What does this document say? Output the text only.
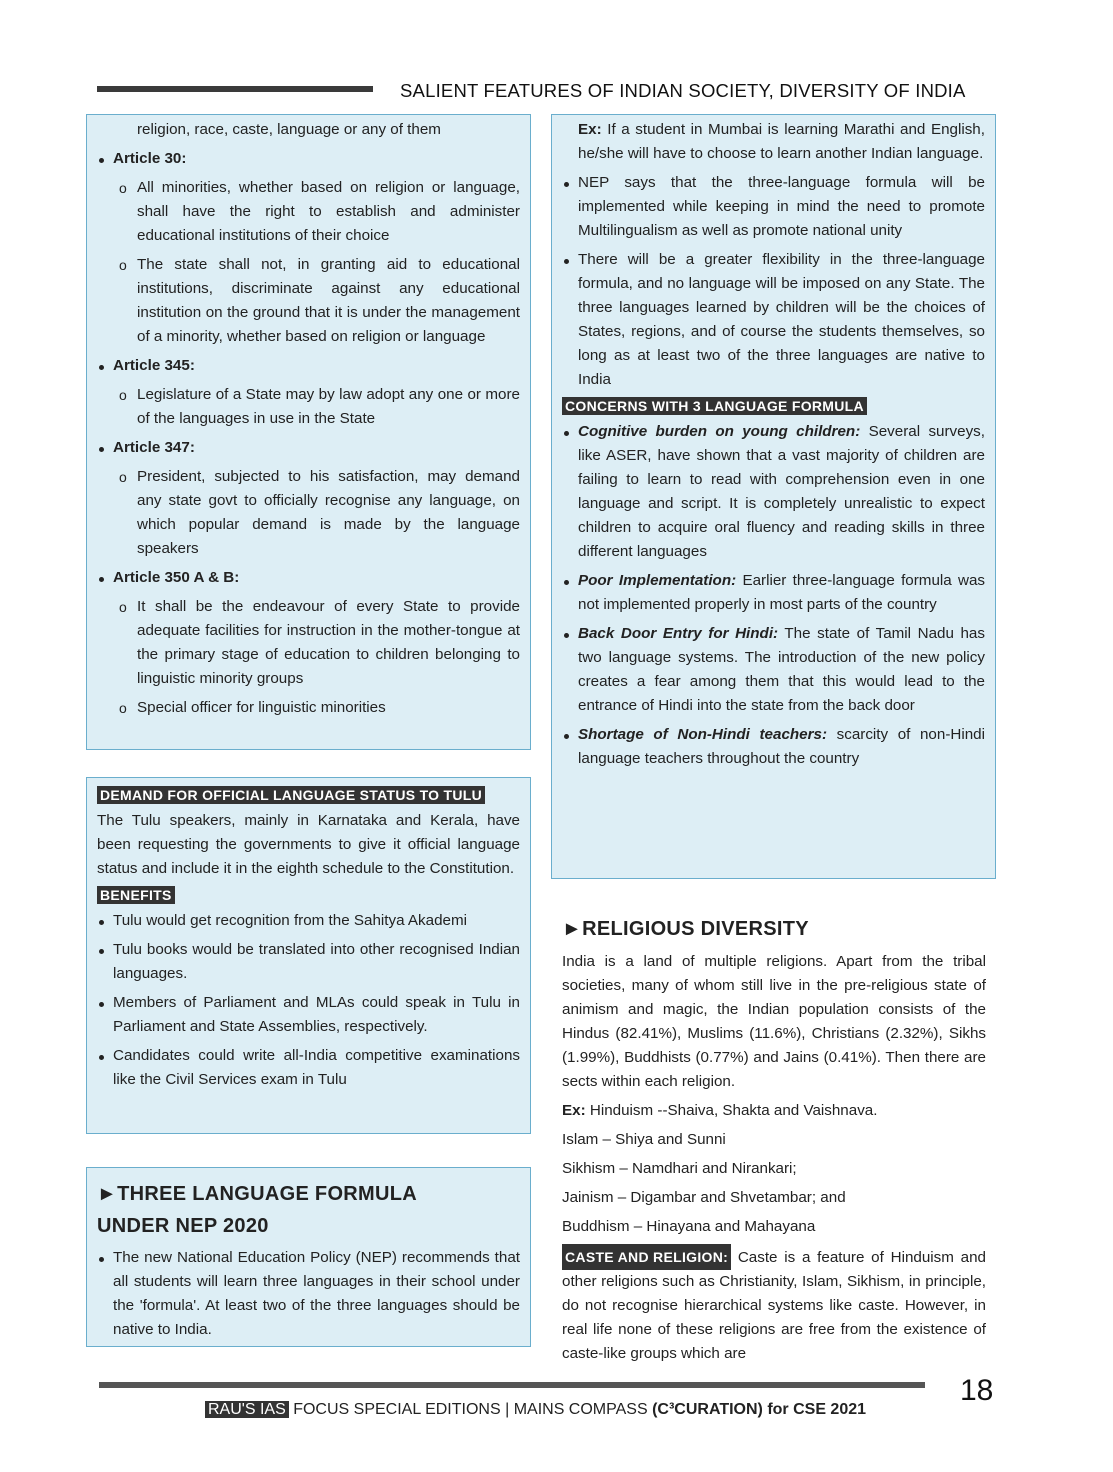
SALIENT FEATURES OF INDIAN SOCIETY, DIVERSITY OF INDIA
religion, race, caste, language or any of them
Article 30:
o All minorities, whether based on religion or language, shall have the right to establish and administer educational institutions of their choice
o The state shall not, in granting aid to educational institutions, discriminate against any educational institution on the ground that it is under the management of a minority, whether based on religion or language
Article 345:
o Legislature of a State may by law adopt any one or more of the languages in use in the State
Article 347:
o President, subjected to his satisfaction, may demand any state govt to officially recognise any language, on which popular demand is made by the language speakers
Article 350 A & B:
o It shall be the endeavour of every State to provide adequate facilities for instruction in the mother-tongue at the primary stage of education to children belonging to linguistic minority groups
o Special officer for linguistic minorities
DEMAND FOR OFFICIAL LANGUAGE STATUS TO TULU
The Tulu speakers, mainly in Karnataka and Kerala, have been requesting the governments to give it official language status and include it in the eighth schedule to the Constitution.
BENEFITS
Tulu would get recognition from the Sahitya Akademi
Tulu books would be translated into other recognised Indian languages.
Members of Parliament and MLAs could speak in Tulu in Parliament and State Assemblies, respectively.
Candidates could write all-India competitive examinations like the Civil Services exam in Tulu
►THREE LANGUAGE FORMULA
UNDER NEP 2020
The new National Education Policy (NEP) recommends that all students will learn three languages in their school under the 'formula'. At least two of the three languages should be native to India.
Ex: If a student in Mumbai is learning Marathi and English, he/she will have to choose to learn another Indian language.
NEP says that the three-language formula will be implemented while keeping in mind the need to promote Multilingualism as well as promote national unity
There will be a greater flexibility in the three-language formula, and no language will be imposed on any State. The three languages learned by children will be the choices of States, regions, and of course the students themselves, so long as at least two of the three languages are native to India
CONCERNS WITH 3 LANGUAGE FORMULA
Cognitive burden on young children: Several surveys, like ASER, have shown that a vast majority of children are failing to learn to read with comprehension even in one language and script. It is completely unrealistic to expect children to acquire oral fluency and reading skills in three different languages
Poor Implementation: Earlier three-language formula was not implemented properly in most parts of the country
Back Door Entry for Hindi: The state of Tamil Nadu has two language systems. The introduction of the new policy creates a fear among them that this would lead to the entrance of Hindi into the state from the back door
Shortage of Non-Hindi teachers: scarcity of non-Hindi language teachers throughout the country
►RELIGIOUS DIVERSITY
India is a land of multiple religions. Apart from the tribal societies, many of whom still live in the pre-religious state of animism and magic, the Indian population consists of the Hindus (82.41%), Muslims (11.6%), Christians (2.32%), Sikhs (1.99%), Buddhists (0.77%) and Jains (0.41%). Then there are sects within each religion.
Ex: Hinduism --Shaiva, Shakta and Vaishnava.
Islam – Shiya and Sunni
Sikhism – Namdhari and Nirankari;
Jainism – Digambar and Shvetambar; and
Buddhism – Hinayana and Mahayana
CASTE AND RELIGION: Caste is a feature of Hinduism and other religions such as Christianity, Islam, Sikhism, in principle, do not recognise hierarchical systems like caste. However, in real life none of these religions are free from the existence of caste-like groups which are
18
RAU'S IAS FOCUS SPECIAL EDITIONS | MAINS COMPASS (C³CURATION) for CSE 2021
